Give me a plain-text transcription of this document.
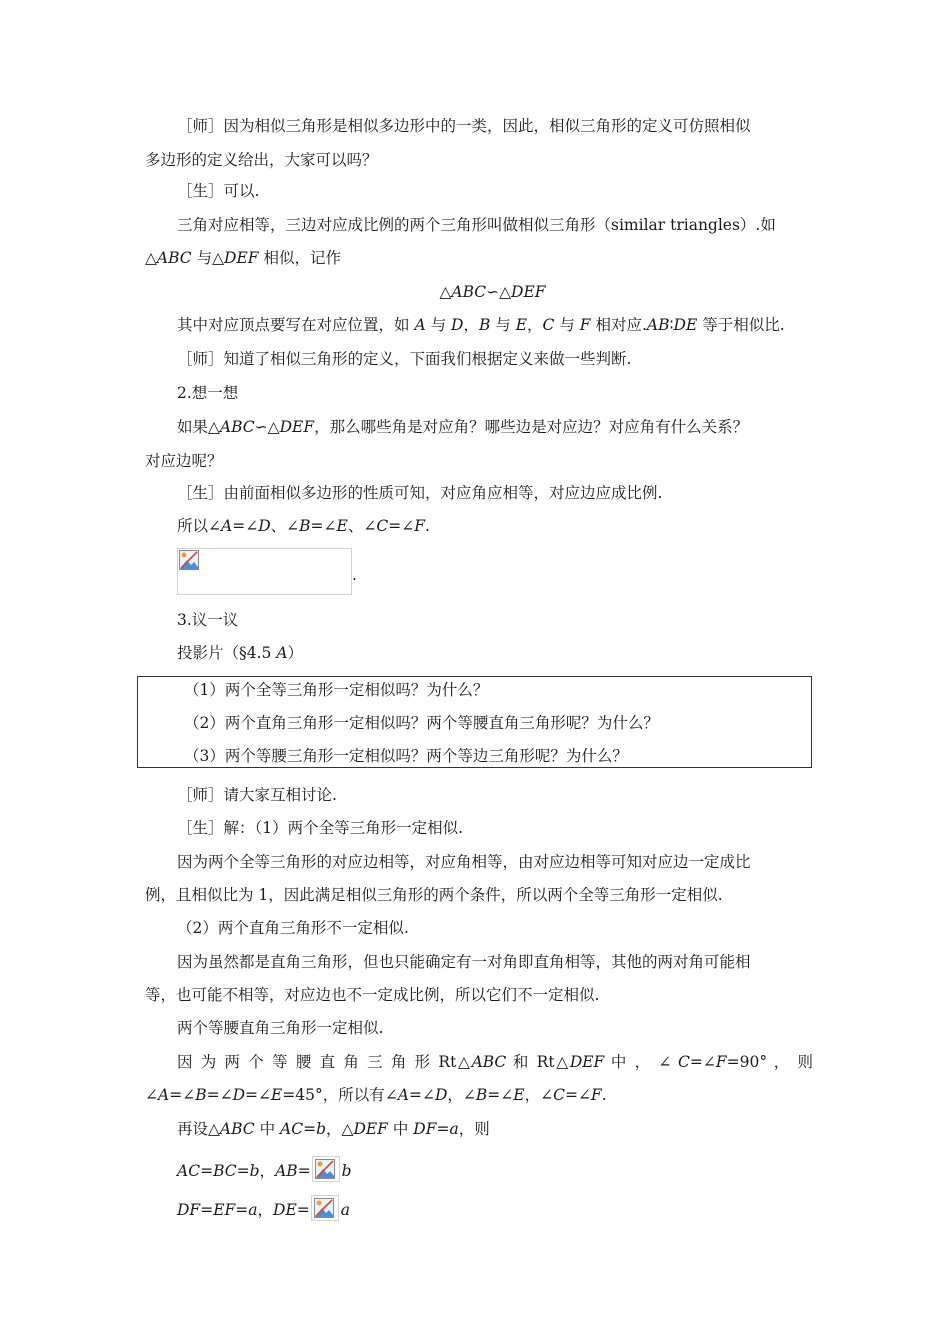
［师］因为相似三角形是相似多边形中的一类，因此，相似三角形的定义可仿照相似
多边形的定义给出，大家可以吗？
［生］可以.
三角对应相等，三边对应成比例的两个三角形叫做相似三角形（similar triangles）.如
△ABC 与△DEF 相似，记作
△ABC∽△DEF
其中对应顶点要写在对应位置，如 A 与 D，B 与 E，C 与 F 相对应.AB∶DE 等于相似比.
［师］知道了相似三角形的定义，下面我们根据定义来做一些判断.
2.想一想
如果△ABC∽△DEF，那么哪些角是对应角？哪些边是对应边？对应角有什么关系？
对应边呢？
［生］由前面相似多边形的性质可知，对应角应相等，对应边应成比例.
所以∠A=∠D、∠B=∠E、∠C=∠F.
.
3.议一议
投影片（§4.5 A）
（1）两个全等三角形一定相似吗？为什么？
（2）两个直角三角形一定相似吗？两个等腰直角三角形呢？为什么？
（3）两个等腰三角形一定相似吗？两个等边三角形呢？为什么？
［师］请大家互相讨论.
［生］解：（1）两个全等三角形一定相似.
因为两个全等三角形的对应边相等，对应角相等，由对应边相等可知对应边一定成比
例，且相似比为 1，因此满足相似三角形的两个条件，所以两个全等三角形一定相似.
（2）两个直角三角形不一定相似.
因为虽然都是直角三角形，但也只能确定有一对角即直角相等，其他的两对角可能相
等，也可能不相等，对应边也不一定成比例，所以它们不一定相似.
两个等腰直角三角形一定相似.
因 为 两 个 等 腰 直 角 三 角 形 Rt△ABC 和 Rt△DEF 中 ， ∠ C=∠F=90° ， 则
∠A=∠B=∠D=∠E=45°，所以有∠A=∠D，∠B=∠E，∠C=∠F.
再设△ABC 中 AC=b，△DEF 中 DF=a，则
AC=BC=b，AB= b
DF=EF=a，DE= a
